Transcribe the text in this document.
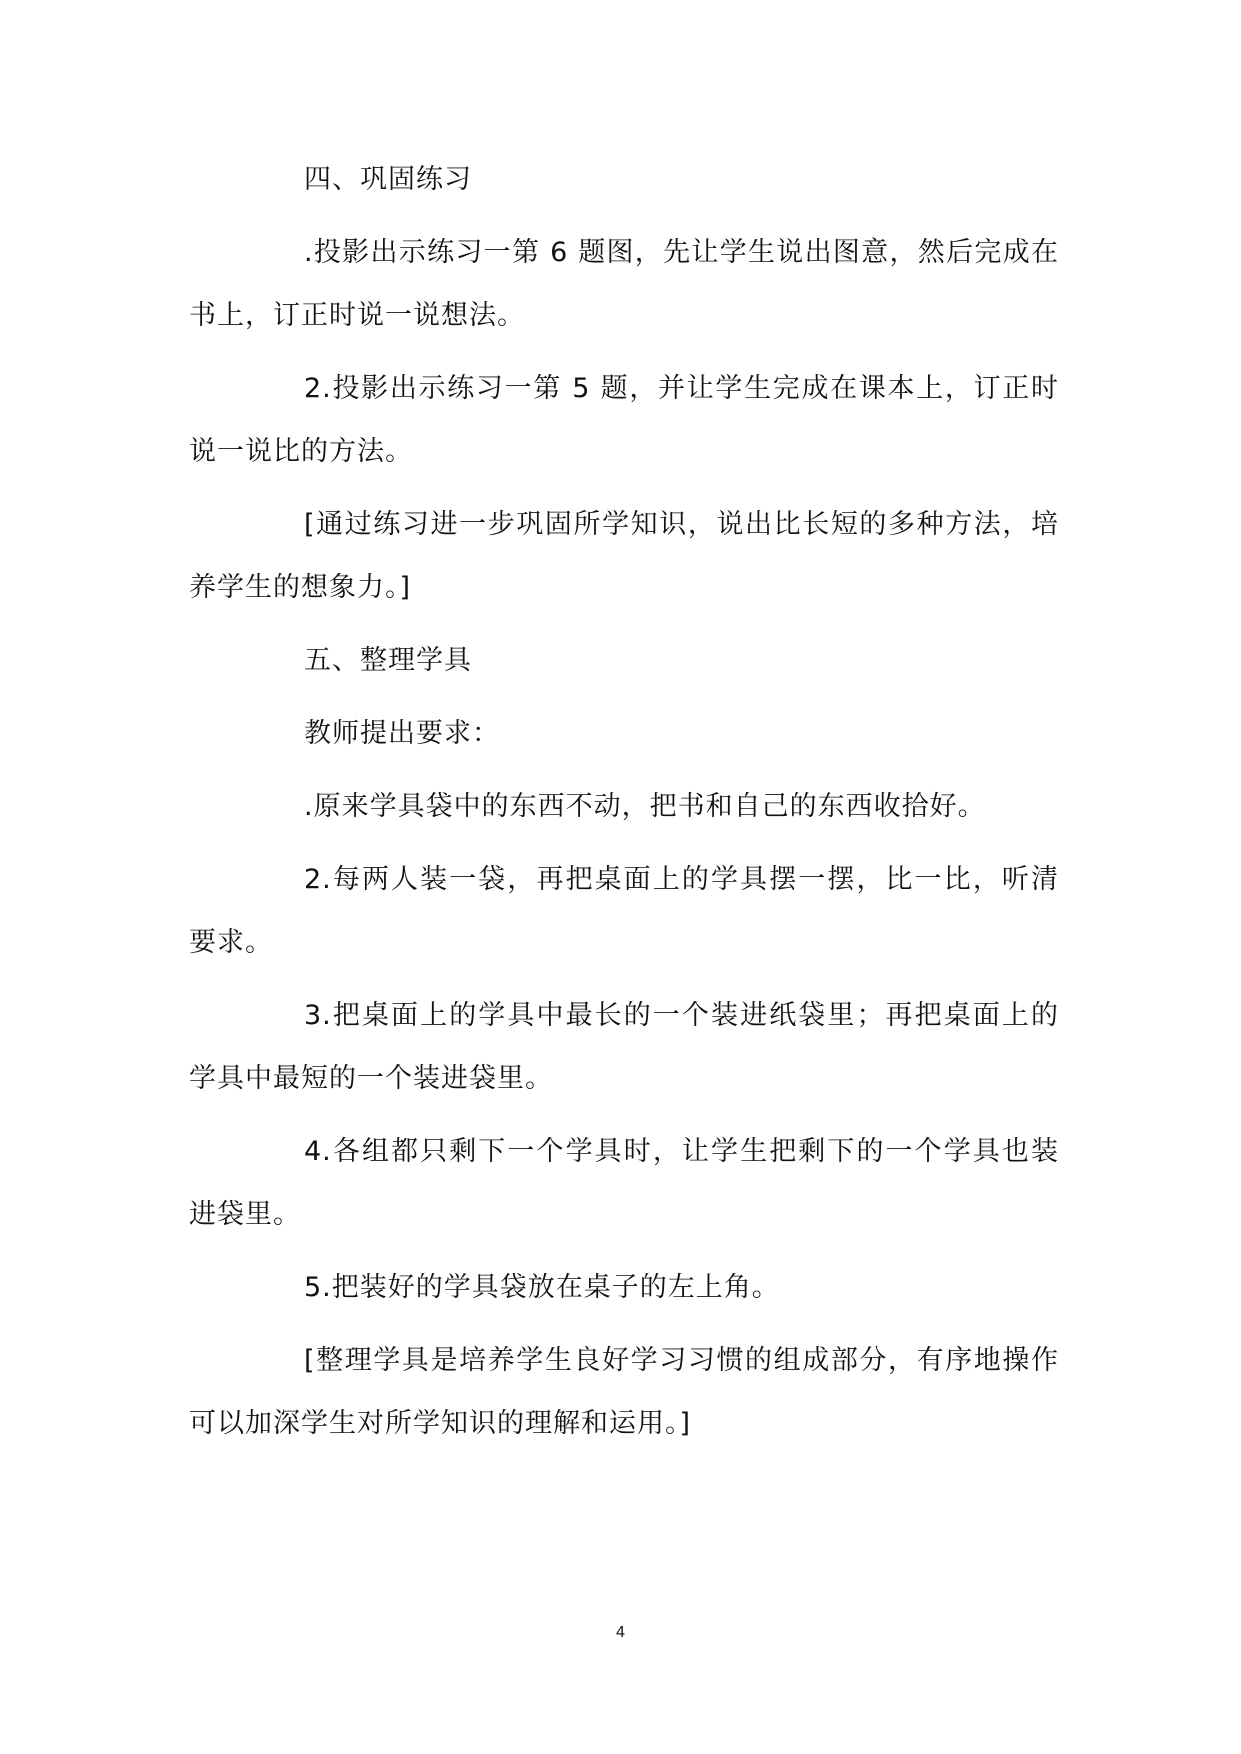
四、巩固练习

.投影出示练习一第 6 题图，先让学生说出图意，然后完成在书上，订正时说一说想法。

2.投影出示练习一第 5 题，并让学生完成在课本上，订正时说一说比的方法。

[通过练习进一步巩固所学知识，说出比长短的多种方法，培养学生的想象力。]

五、整理学具

教师提出要求：

.原来学具袋中的东西不动，把书和自己的东西收拾好。

2.每两人装一袋，再把桌面上的学具摆一摆，比一比，听清要求。

3.把桌面上的学具中最长的一个装进纸袋里；再把桌面上的学具中最短的一个装进袋里。

4.各组都只剩下一个学具时，让学生把剩下的一个学具也装进袋里。

5.把装好的学具袋放在桌子的左上角。

[整理学具是培养学生良好学习习惯的组成部分，有序地操作可以加深学生对所学知识的理解和运用。]

4
